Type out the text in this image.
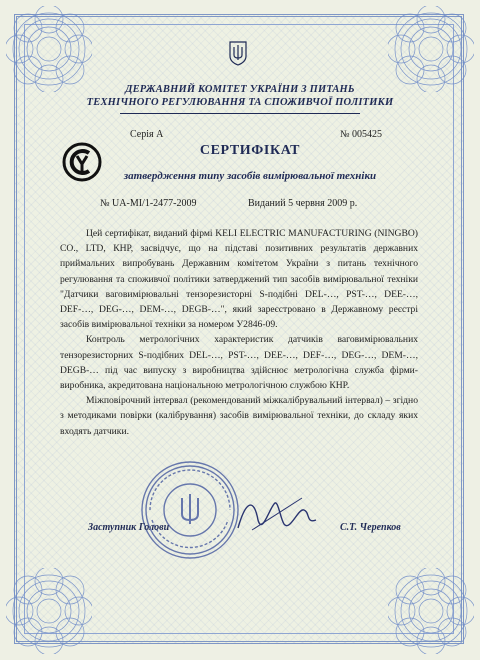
ДЕРЖАВНИЙ КОМІТЕТ УКРАЇНИ З ПИТАНЬ
ТЕХНІЧНОГО РЕГУЛЮВАННЯ ТА СПОЖИВЧОЇ ПОЛІТИКИ
Серія А	№ 005425
СЕРТИФІКАТ
затвердження типу засобів вимірювальної техніки
№ UA-MI/1-2477-2009	Виданий 5 червня 2009 р.

Цей сертифікат, виданий фірмі KELI ELECTRIC MANUFACTURING (NINGBO) CO., LTD, КНР, засвідчує, що на підставі позитивних результатів державних приймальних випробувань Державним комітетом України з питань технічного регулювання та споживчої політики затверджений тип засобів вимірювальної техніки "Датчики ваговимірювальні тензорезисторні S-подібні DEL-…, PST-…, DEE-…, DEF-…, DEG-…, DEM-…, DEGB-…", який зареєстровано в Державному реєстрі засобів вимірювальної техніки за номером У2846-09.

Контроль метрологічних характеристик датчиків ваговимірювальних тензорезисторних S-подібних DEL-…, PST-…, DEE-…, DEF-…, DEG-…, DEM-…, DEGB-… під час випуску з виробництва здійснює метрологічна служба фірми-виробника, акредитована національною метрологічною службою КНР.

Міжповірочний інтервал (рекомендований міжкалібрувальний інтервал) – згідно з методиками повірки (калібрування) засобів вимірювальної техніки, до складу яких входять датчики.

Заступник Голови	С.Т. Черепков
